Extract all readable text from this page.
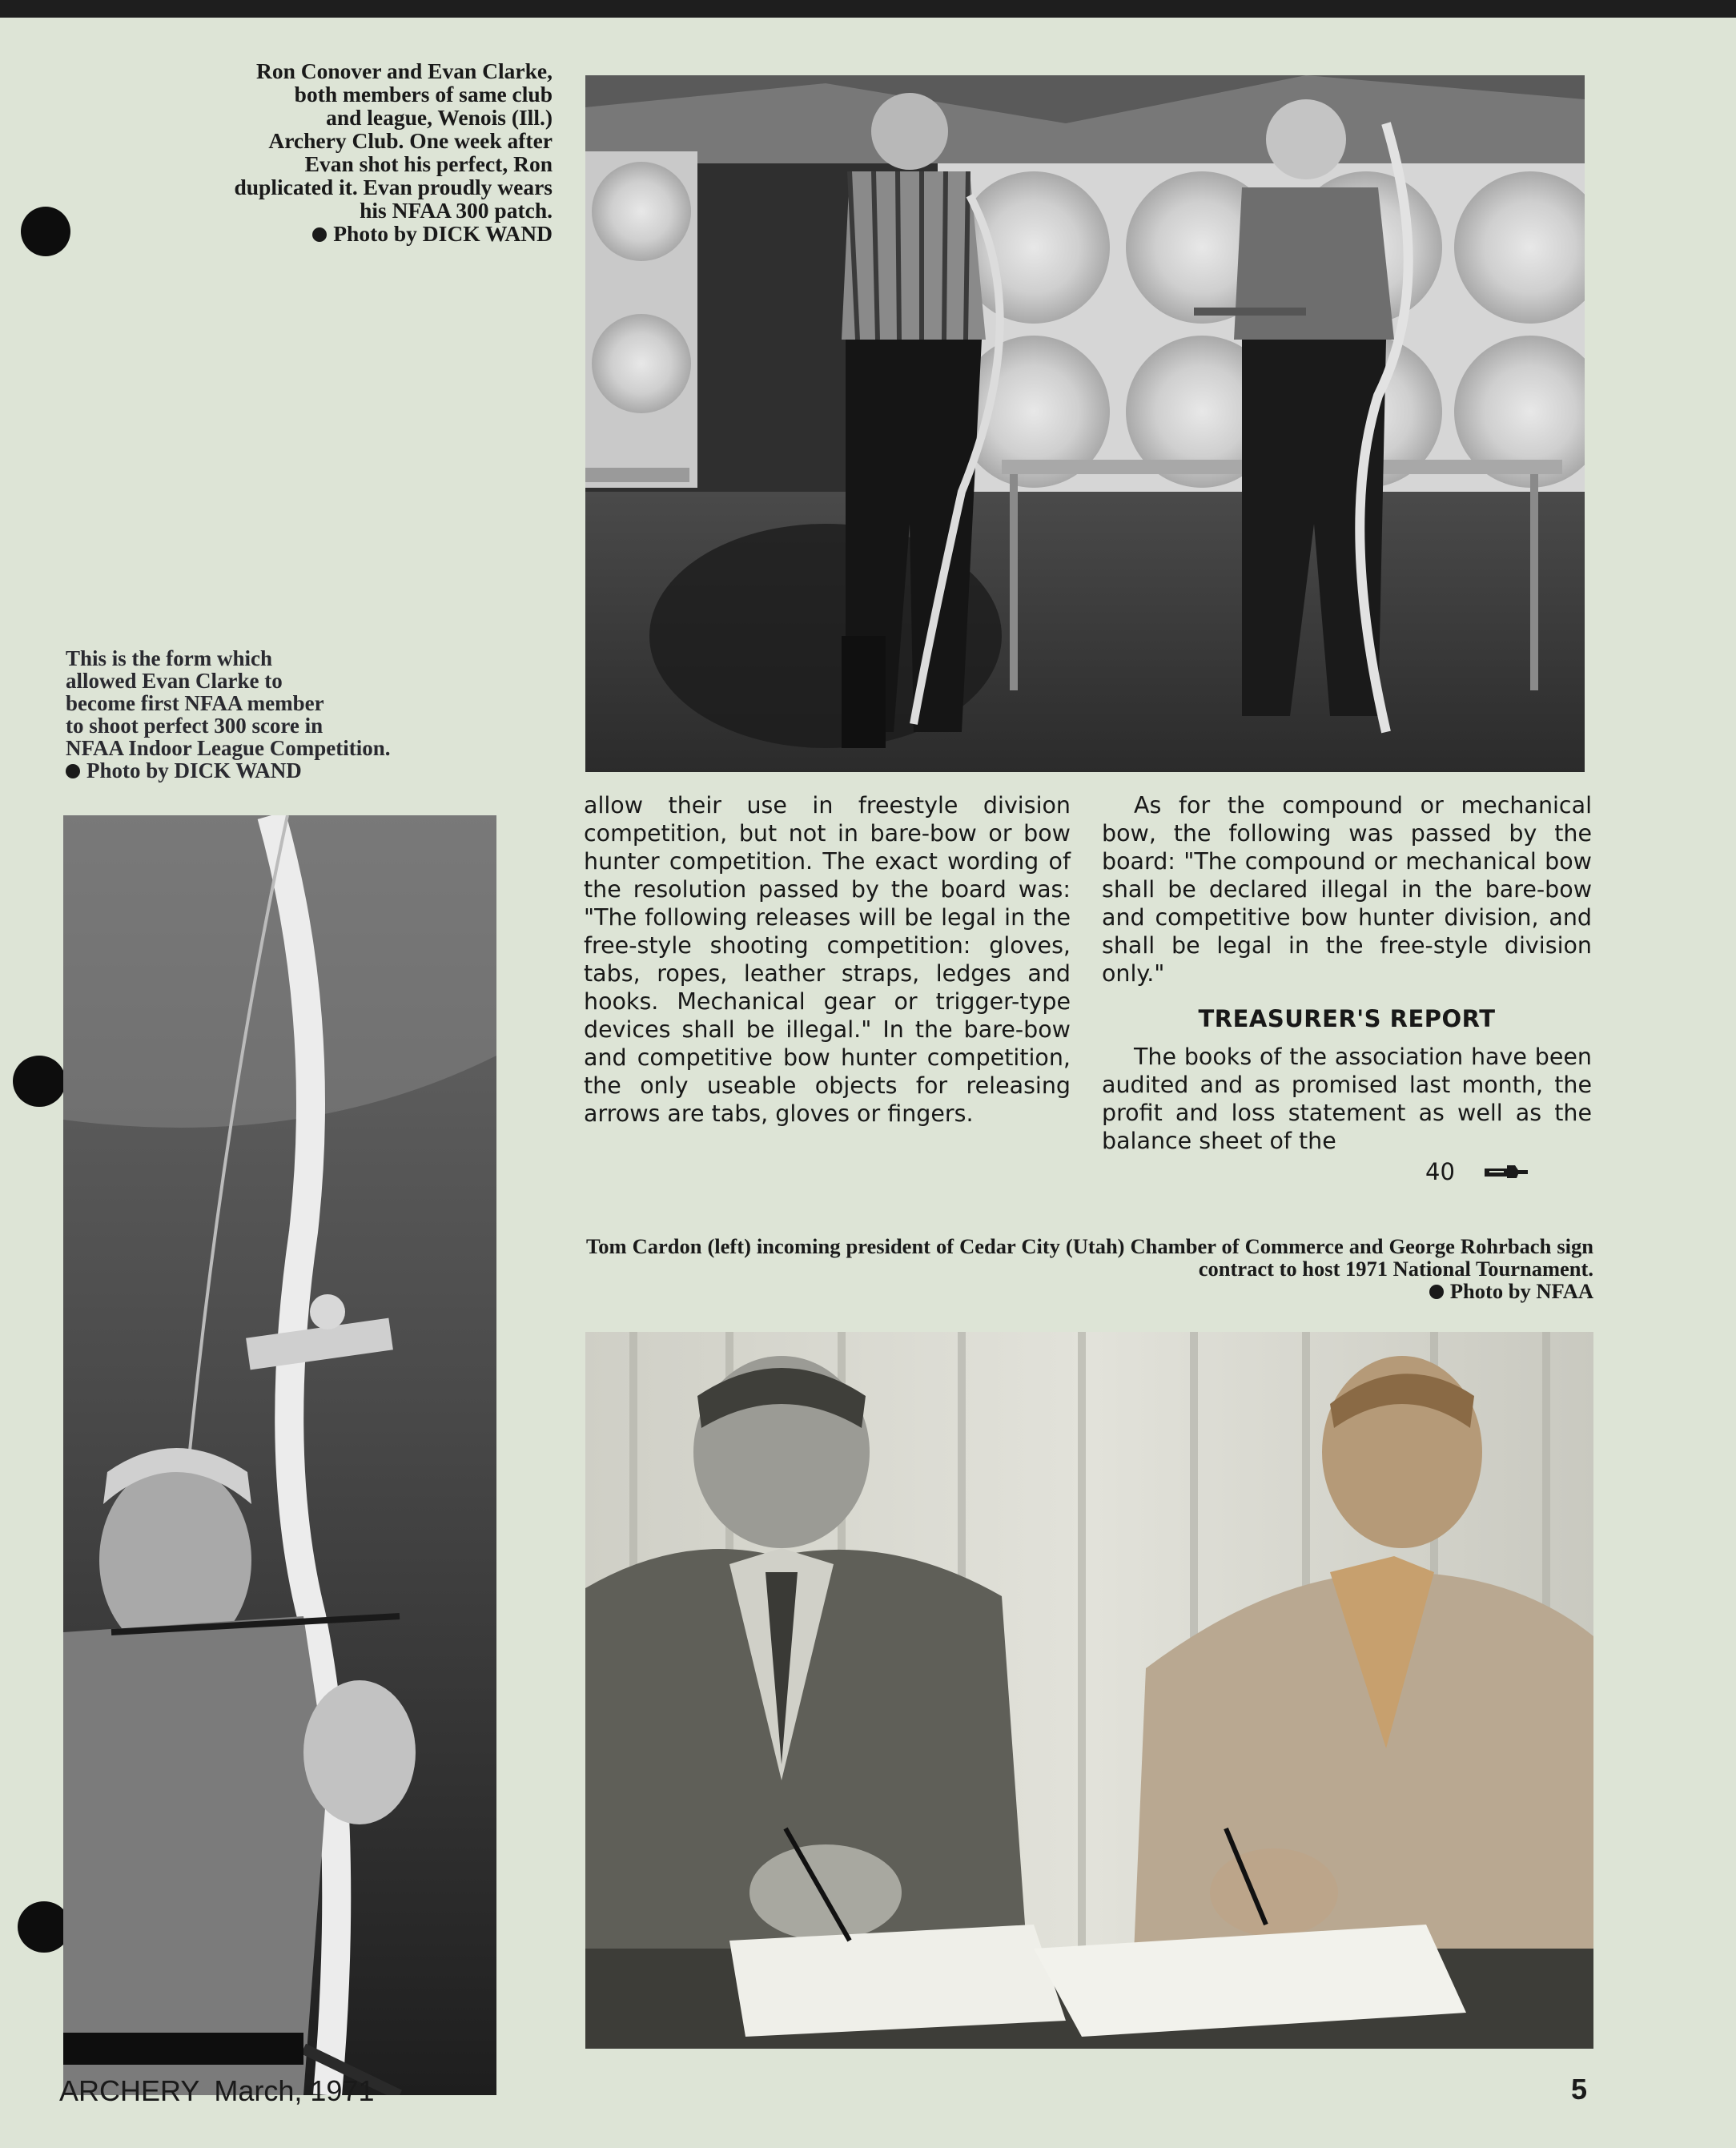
Ron Conover and Evan Clarke,
both members of same club
and league, Wenois (Ill.)
Archery Club. One week after
Evan shot his perfect, Ron
duplicated it. Evan proudly wears
his NFAA 300 patch.
Photo by DICK WAND
This is the form which
allowed Evan Clarke to
become first NFAA member
to shoot perfect 300 score in
NFAA Indoor League Competition.
Photo by DICK WAND

allow their use in freestyle division competition, but not in bare-bow or bow hunter competition. The exact wording of the resolution passed by the board was: "The following releases will be legal in the free-style shooting competition: gloves, tabs, ropes, leather straps, ledges and hooks. Mechanical gear or trigger-type devices shall be illegal." In the bare-bow and competitive bow hunter competition, the only useable objects for releasing arrows are tabs, gloves or fingers.

As for the compound or mechanical bow, the following was passed by the board: "The compound or mechanical bow shall be declared illegal in the bare-bow and competitive bow hunter division, and shall be legal in the free-style division only."

TREASURER'S REPORT

The books of the association have been audited and as promised last month, the profit and loss statement as well as the balance sheet of the

40
Tom Cardon (left) incoming president of Cedar City (Utah) Chamber of Commerce and George Rohrbach sign contract to host 1971 National Tournament.
Photo by NFAA
ARCHERY March, 1971	5
